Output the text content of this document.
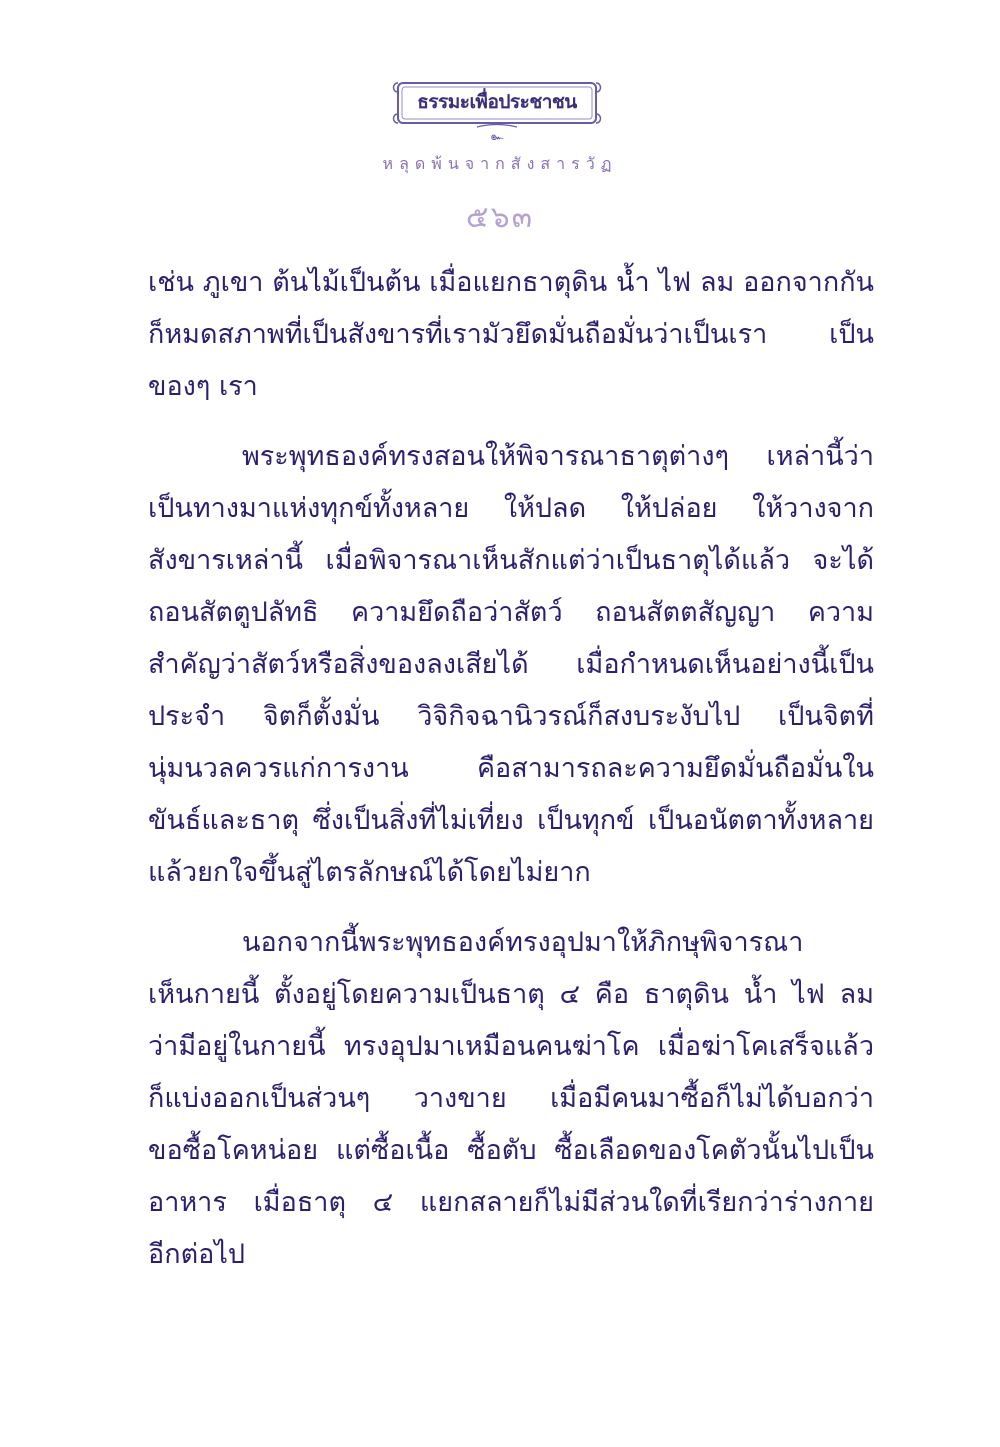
ธรรมะเพื่อประชาชน
๛
หลุดพ้นจากสังสารวัฏ
๕๖๓
เช่น ภูเขา ต้นไม้เป็นต้น เมื่อแยกธาตุดิน น้ำ ไฟ ลม ออกจากกัน
ก็หมดสภาพที่เป็นสังขารที่เรามัวยึดมั่นถือมั่นว่าเป็นเรา เป็น
ของๆ เรา
พระพุทธองค์ทรงสอนให้พิจารณาธาตุต่างๆ เหล่านี้ว่า
เป็นทางมาแห่งทุกข์ทั้งหลาย ให้ปลด ให้ปล่อย ให้วางจาก
สังขารเหล่านี้ เมื่อพิจารณาเห็นสักแต่ว่าเป็นธาตุได้แล้ว จะได้
ถอนสัตตูปลัทธิ ความยึดถือว่าสัตว์ ถอนสัตตสัญญา ความ
สำคัญว่าสัตว์หรือสิ่งของลงเสียได้ เมื่อกำหนดเห็นอย่างนี้เป็น
ประจำ จิตก็ตั้งมั่น วิจิกิจฉานิวรณ์ก็สงบระงับไป เป็นจิตที่
นุ่มนวลควรแก่การงาน คือสามารถละความยึดมั่นถือมั่นใน
ขันธ์และธาตุ ซึ่งเป็นสิ่งที่ไม่เที่ยง เป็นทุกข์ เป็นอนัตตาทั้งหลาย
แล้วยกใจขึ้นสู่ไตรลักษณ์ได้โดยไม่ยาก
นอกจากนี้พระพุทธองค์ทรงอุปมาให้ภิกษุพิจารณา
เห็นกายนี้ ตั้งอยู่โดยความเป็นธาตุ ๔ คือ ธาตุดิน น้ำ ไฟ ลม
ว่ามีอยู่ในกายนี้ ทรงอุปมาเหมือนคนฆ่าโค เมื่อฆ่าโคเสร็จแล้ว
ก็แบ่งออกเป็นส่วนๆ วางขาย เมื่อมีคนมาซื้อก็ไม่ได้บอกว่า
ขอซื้อโคหน่อย แต่ซื้อเนื้อ ซื้อตับ ซื้อเลือดของโคตัวนั้นไปเป็น
อาหาร เมื่อธาตุ ๔ แยกสลายก็ไม่มีส่วนใดที่เรียกว่าร่างกาย
อีกต่อไป
